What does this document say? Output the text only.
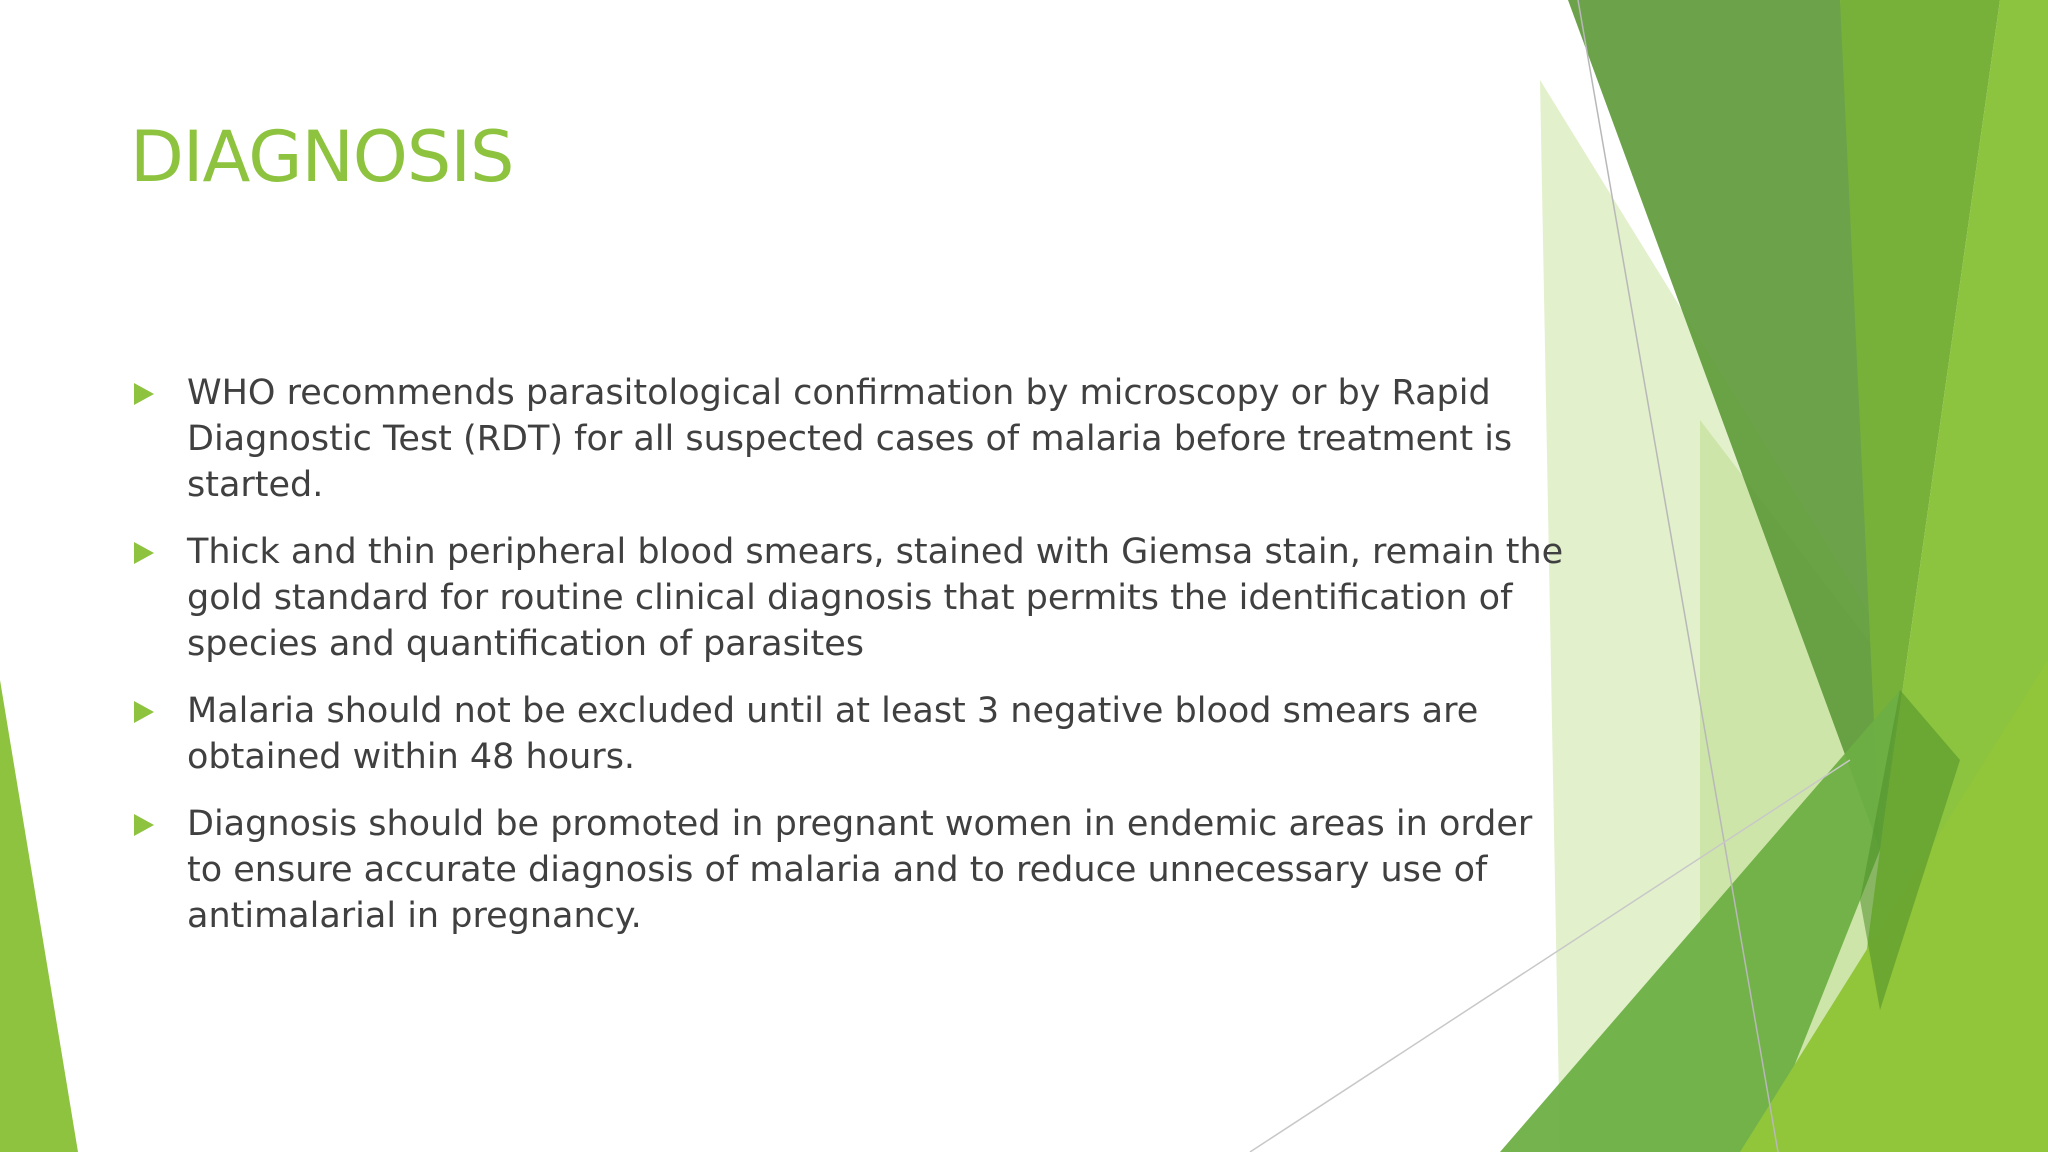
DIAGNOSIS
WHO recommends parasitological confirmation by microscopy or by Rapid Diagnostic Test (RDT) for all suspected cases of malaria before treatment is started.
Thick and thin peripheral blood smears, stained with Giemsa stain, remain the gold standard for routine clinical diagnosis that permits the identification of species and quantification of parasites
Malaria should not be excluded until at least 3 negative blood smears are obtained within 48 hours.
Diagnosis should be promoted in pregnant women in endemic areas in order to ensure accurate diagnosis of malaria and to reduce unnecessary use of antimalarial in pregnancy.
